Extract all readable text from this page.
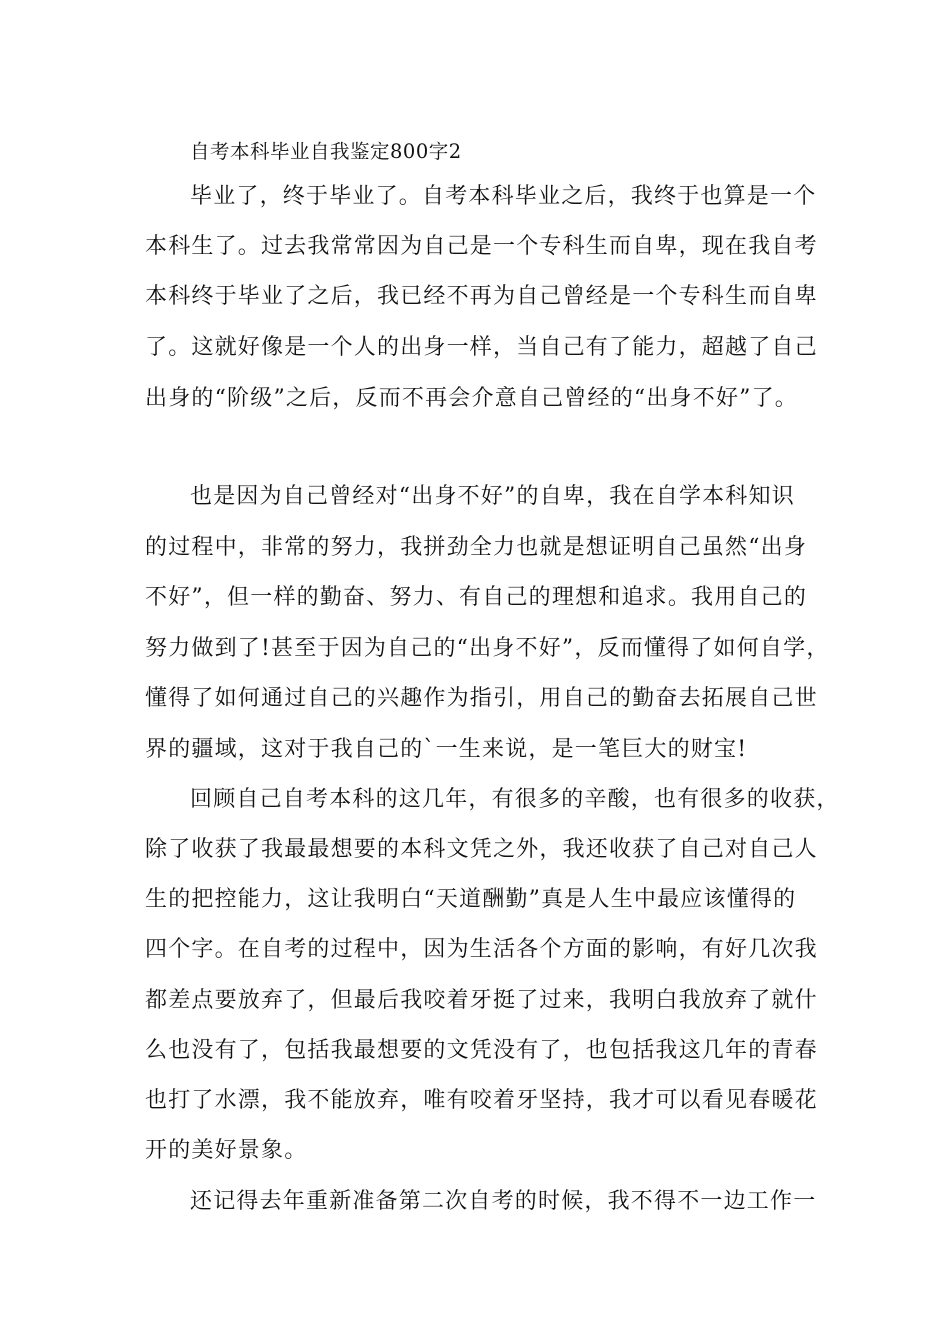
自考本科毕业自我鉴定800字2
毕业了，终于毕业了。自考本科毕业之后，我终于也算是一个
本科生了。过去我常常因为自己是一个专科生而自卑，现在我自考
本科终于毕业了之后，我已经不再为自己曾经是一个专科生而自卑
了。这就好像是一个人的出身一样，当自己有了能力，超越了自己
出身的“阶级”之后，反而不再会介意自己曾经的“出身不好”了。
也是因为自己曾经对“出身不好”的自卑，我在自学本科知识
的过程中，非常的努力，我拼劲全力也就是想证明自己虽然“出身
不好”，但一样的勤奋、努力、有自己的理想和追求。我用自己的
努力做到了!甚至于因为自己的“出身不好”，反而懂得了如何自学，
懂得了如何通过自己的兴趣作为指引，用自己的勤奋去拓展自己世
界的疆域，这对于我自己的`一生来说，是一笔巨大的财宝!
回顾自己自考本科的这几年，有很多的辛酸，也有很多的收获，
除了收获了我最最想要的本科文凭之外，我还收获了自己对自己人
生的把控能力，这让我明白“天道酬勤”真是人生中最应该懂得的
四个字。在自考的过程中，因为生活各个方面的影响，有好几次我
都差点要放弃了，但最后我咬着牙挺了过来，我明白我放弃了就什
么也没有了，包括我最想要的文凭没有了，也包括我这几年的青春
也打了水漂，我不能放弃，唯有咬着牙坚持，我才可以看见春暖花
开的美好景象。
还记得去年重新准备第二次自考的时候，我不得不一边工作一
